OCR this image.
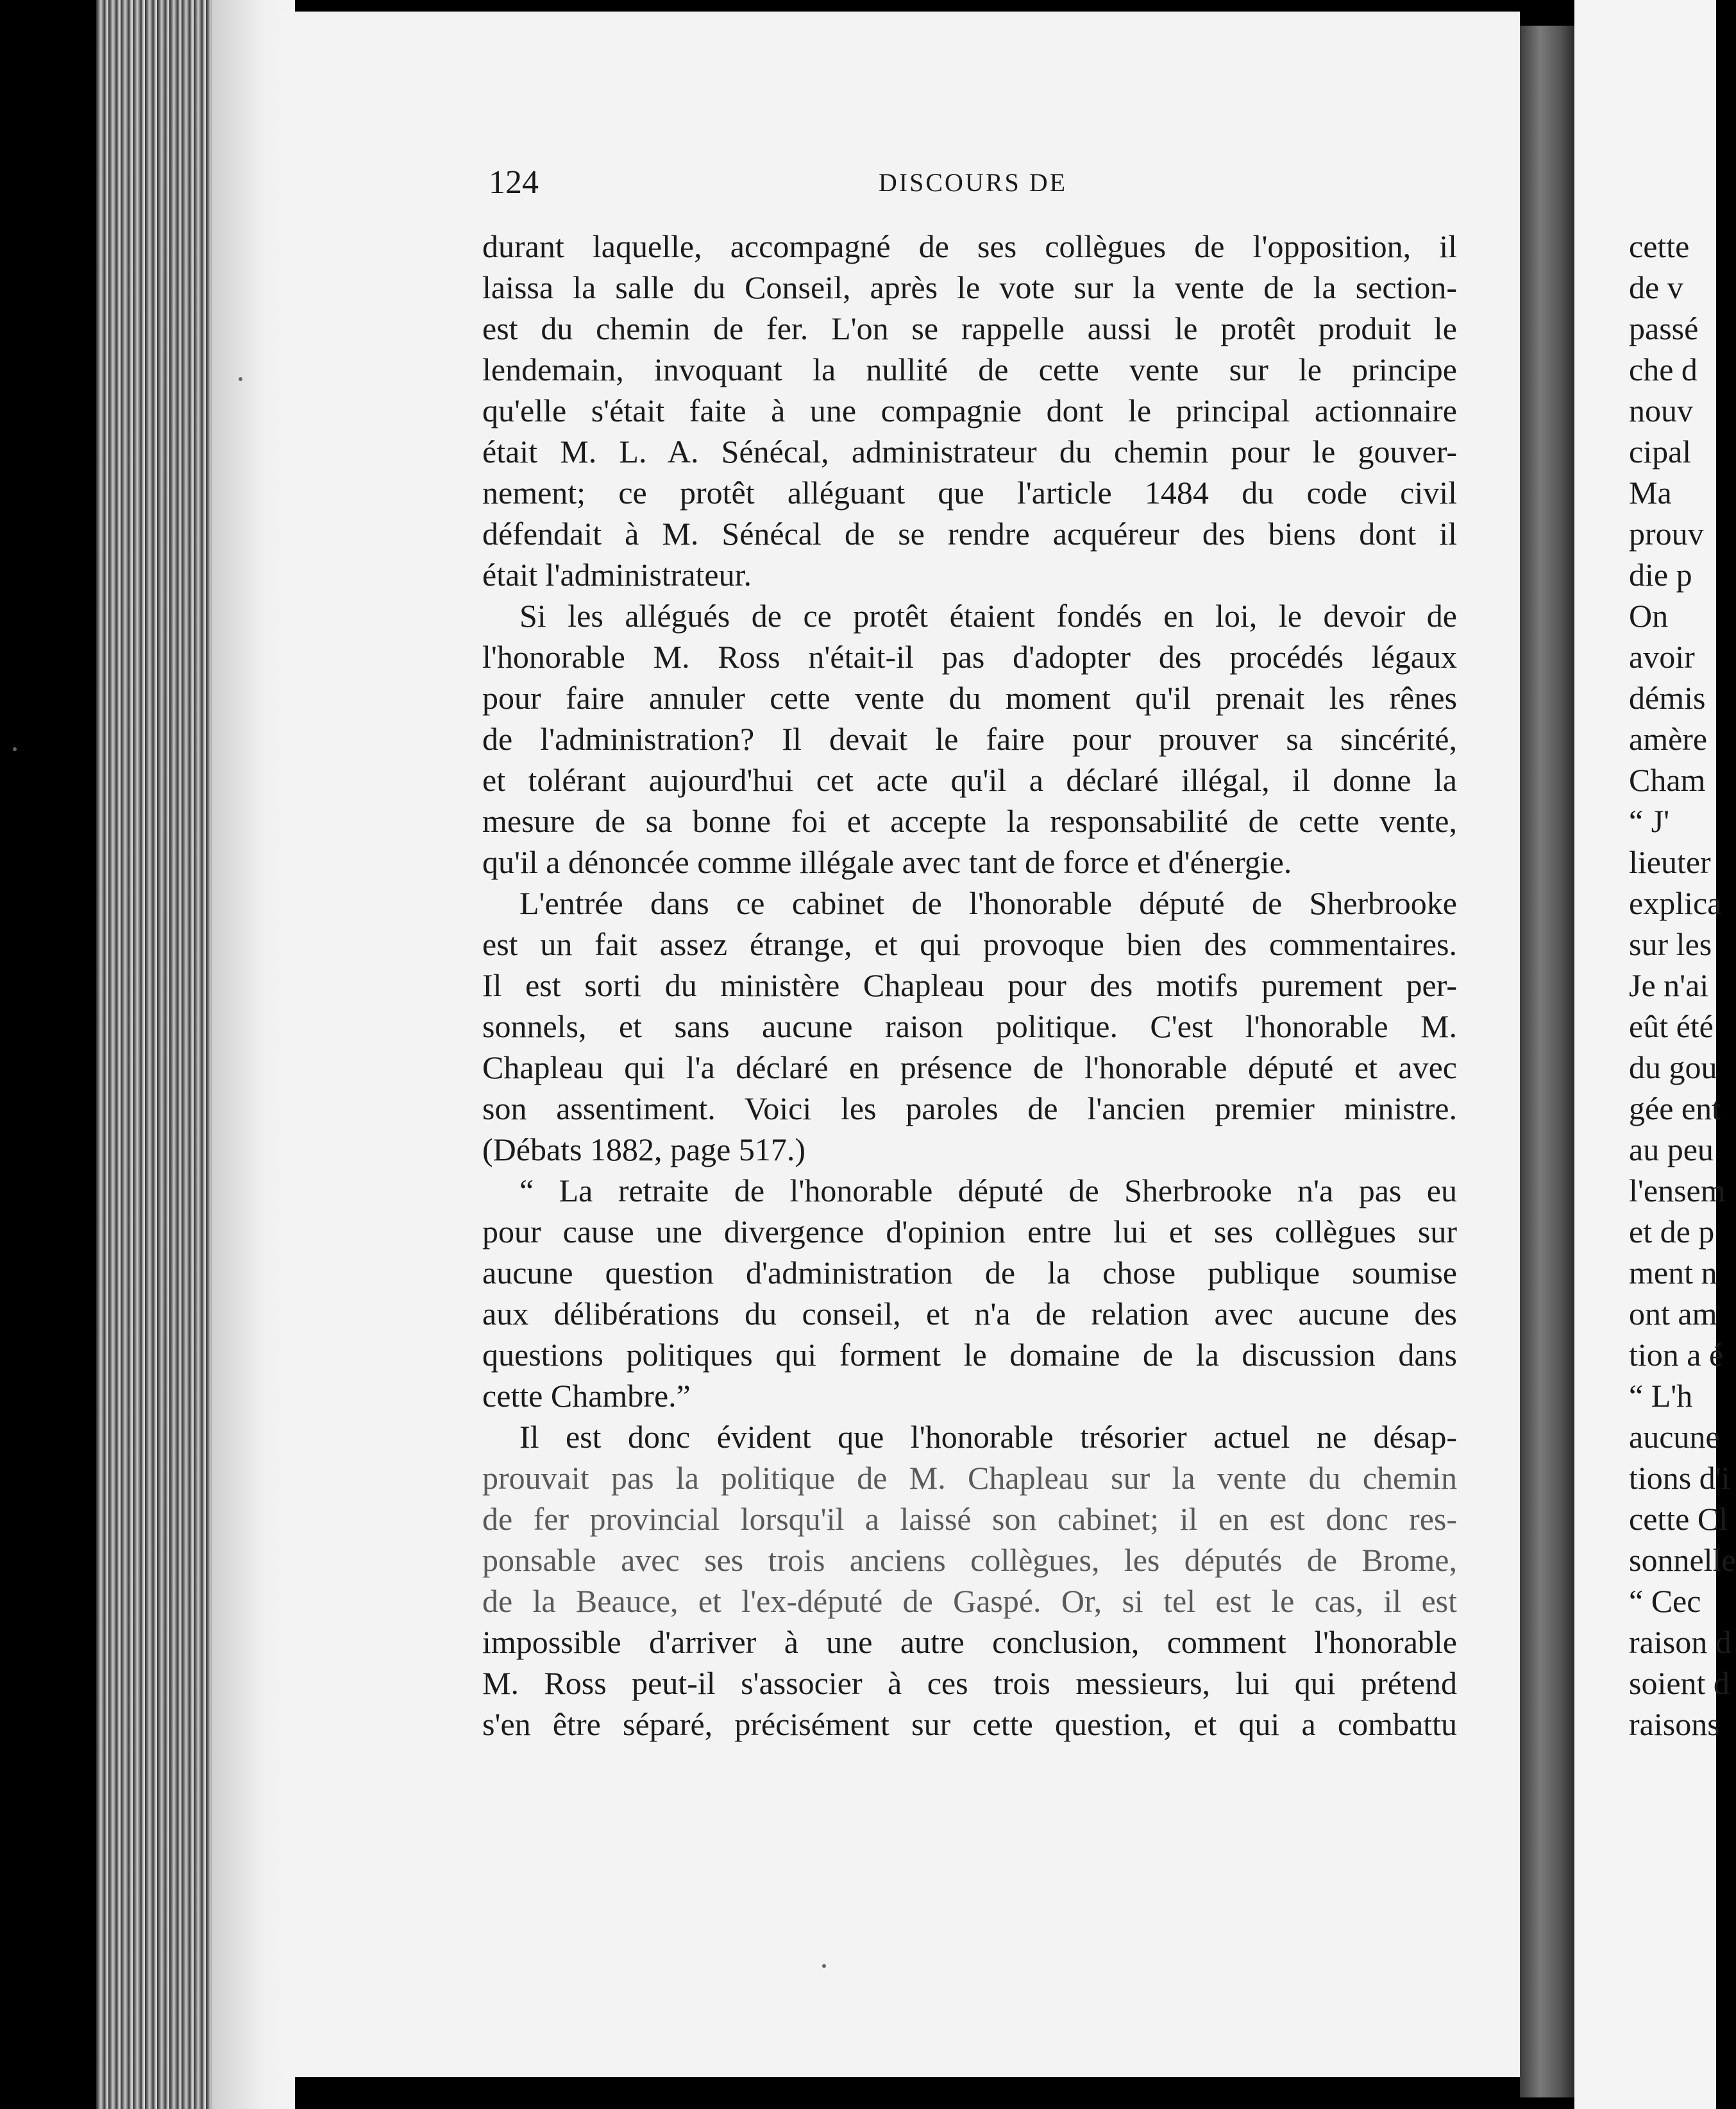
124	DISCOURS DE
durant laquelle, accompagné de ses collègues de l'opposition, il
laissa la salle du Conseil, après le vote sur la vente de la section-
est du chemin de fer. L'on se rappelle aussi le protêt produit le
lendemain, invoquant la nullité de cette vente sur le principe
qu'elle s'était faite à une compagnie dont le principal actionnaire
était M. L. A. Sénécal, administrateur du chemin pour le gouver-
nement; ce protêt alléguant que l'article 1484 du code civil
défendait à M. Sénécal de se rendre acquéreur des biens dont il
était l'administrateur.
Si les allégués de ce protêt étaient fondés en loi, le devoir de
l'honorable M. Ross n'était-il pas d'adopter des procédés légaux
pour faire annuler cette vente du moment qu'il prenait les rênes
de l'administration? Il devait le faire pour prouver sa sincérité,
et tolérant aujourd'hui cet acte qu'il a déclaré illégal, il donne la
mesure de sa bonne foi et accepte la responsabilité de cette vente,
qu'il a dénoncée comme illégale avec tant de force et d'énergie.
L'entrée dans ce cabinet de l'honorable député de Sherbrooke
est un fait assez étrange, et qui provoque bien des commentaires.
Il est sorti du ministère Chapleau pour des motifs purement per-
sonnels, et sans aucune raison politique. C'est l'honorable M.
Chapleau qui l'a déclaré en présence de l'honorable député et avec
son assentiment. Voici les paroles de l'ancien premier ministre.
(Débats 1882, page 517.)
“ La retraite de l'honorable député de Sherbrooke n'a pas eu
pour cause une divergence d'opinion entre lui et ses collègues sur
aucune question d'administration de la chose publique soumise
aux délibérations du conseil, et n'a de relation avec aucune des
questions politiques qui forment le domaine de la discussion dans
cette Chambre.”
Il est donc évident que l'honorable trésorier actuel ne désap-
prouvait pas la politique de M. Chapleau sur la vente du chemin
de fer provincial lorsqu'il a laissé son cabinet; il en est donc res-
ponsable avec ses trois anciens collègues, les députés de Brome,
de la Beauce, et l'ex-député de Gaspé. Or, si tel est le cas, il est
impossible d'arriver à une autre conclusion, comment l'honorable
M. Ross peut-il s'associer à ces trois messieurs, lui qui prétend
s'en être séparé, précisément sur cette question, et qui a combattu
cette
de v
passé
che d
nouv
cipal
Ma
prouv
die p
On
avoir
démis
amère
Cham
“ J'
lieuter
explica
sur les
Je n'ai
eût été
du gou
gée ent
au peu
l'ensem
et de p
ment n
ont am
tion a é
“ L'h
aucune
tions d'i
cette Cl
sonnelle
“ Cec
raison d
soient d
raisons
